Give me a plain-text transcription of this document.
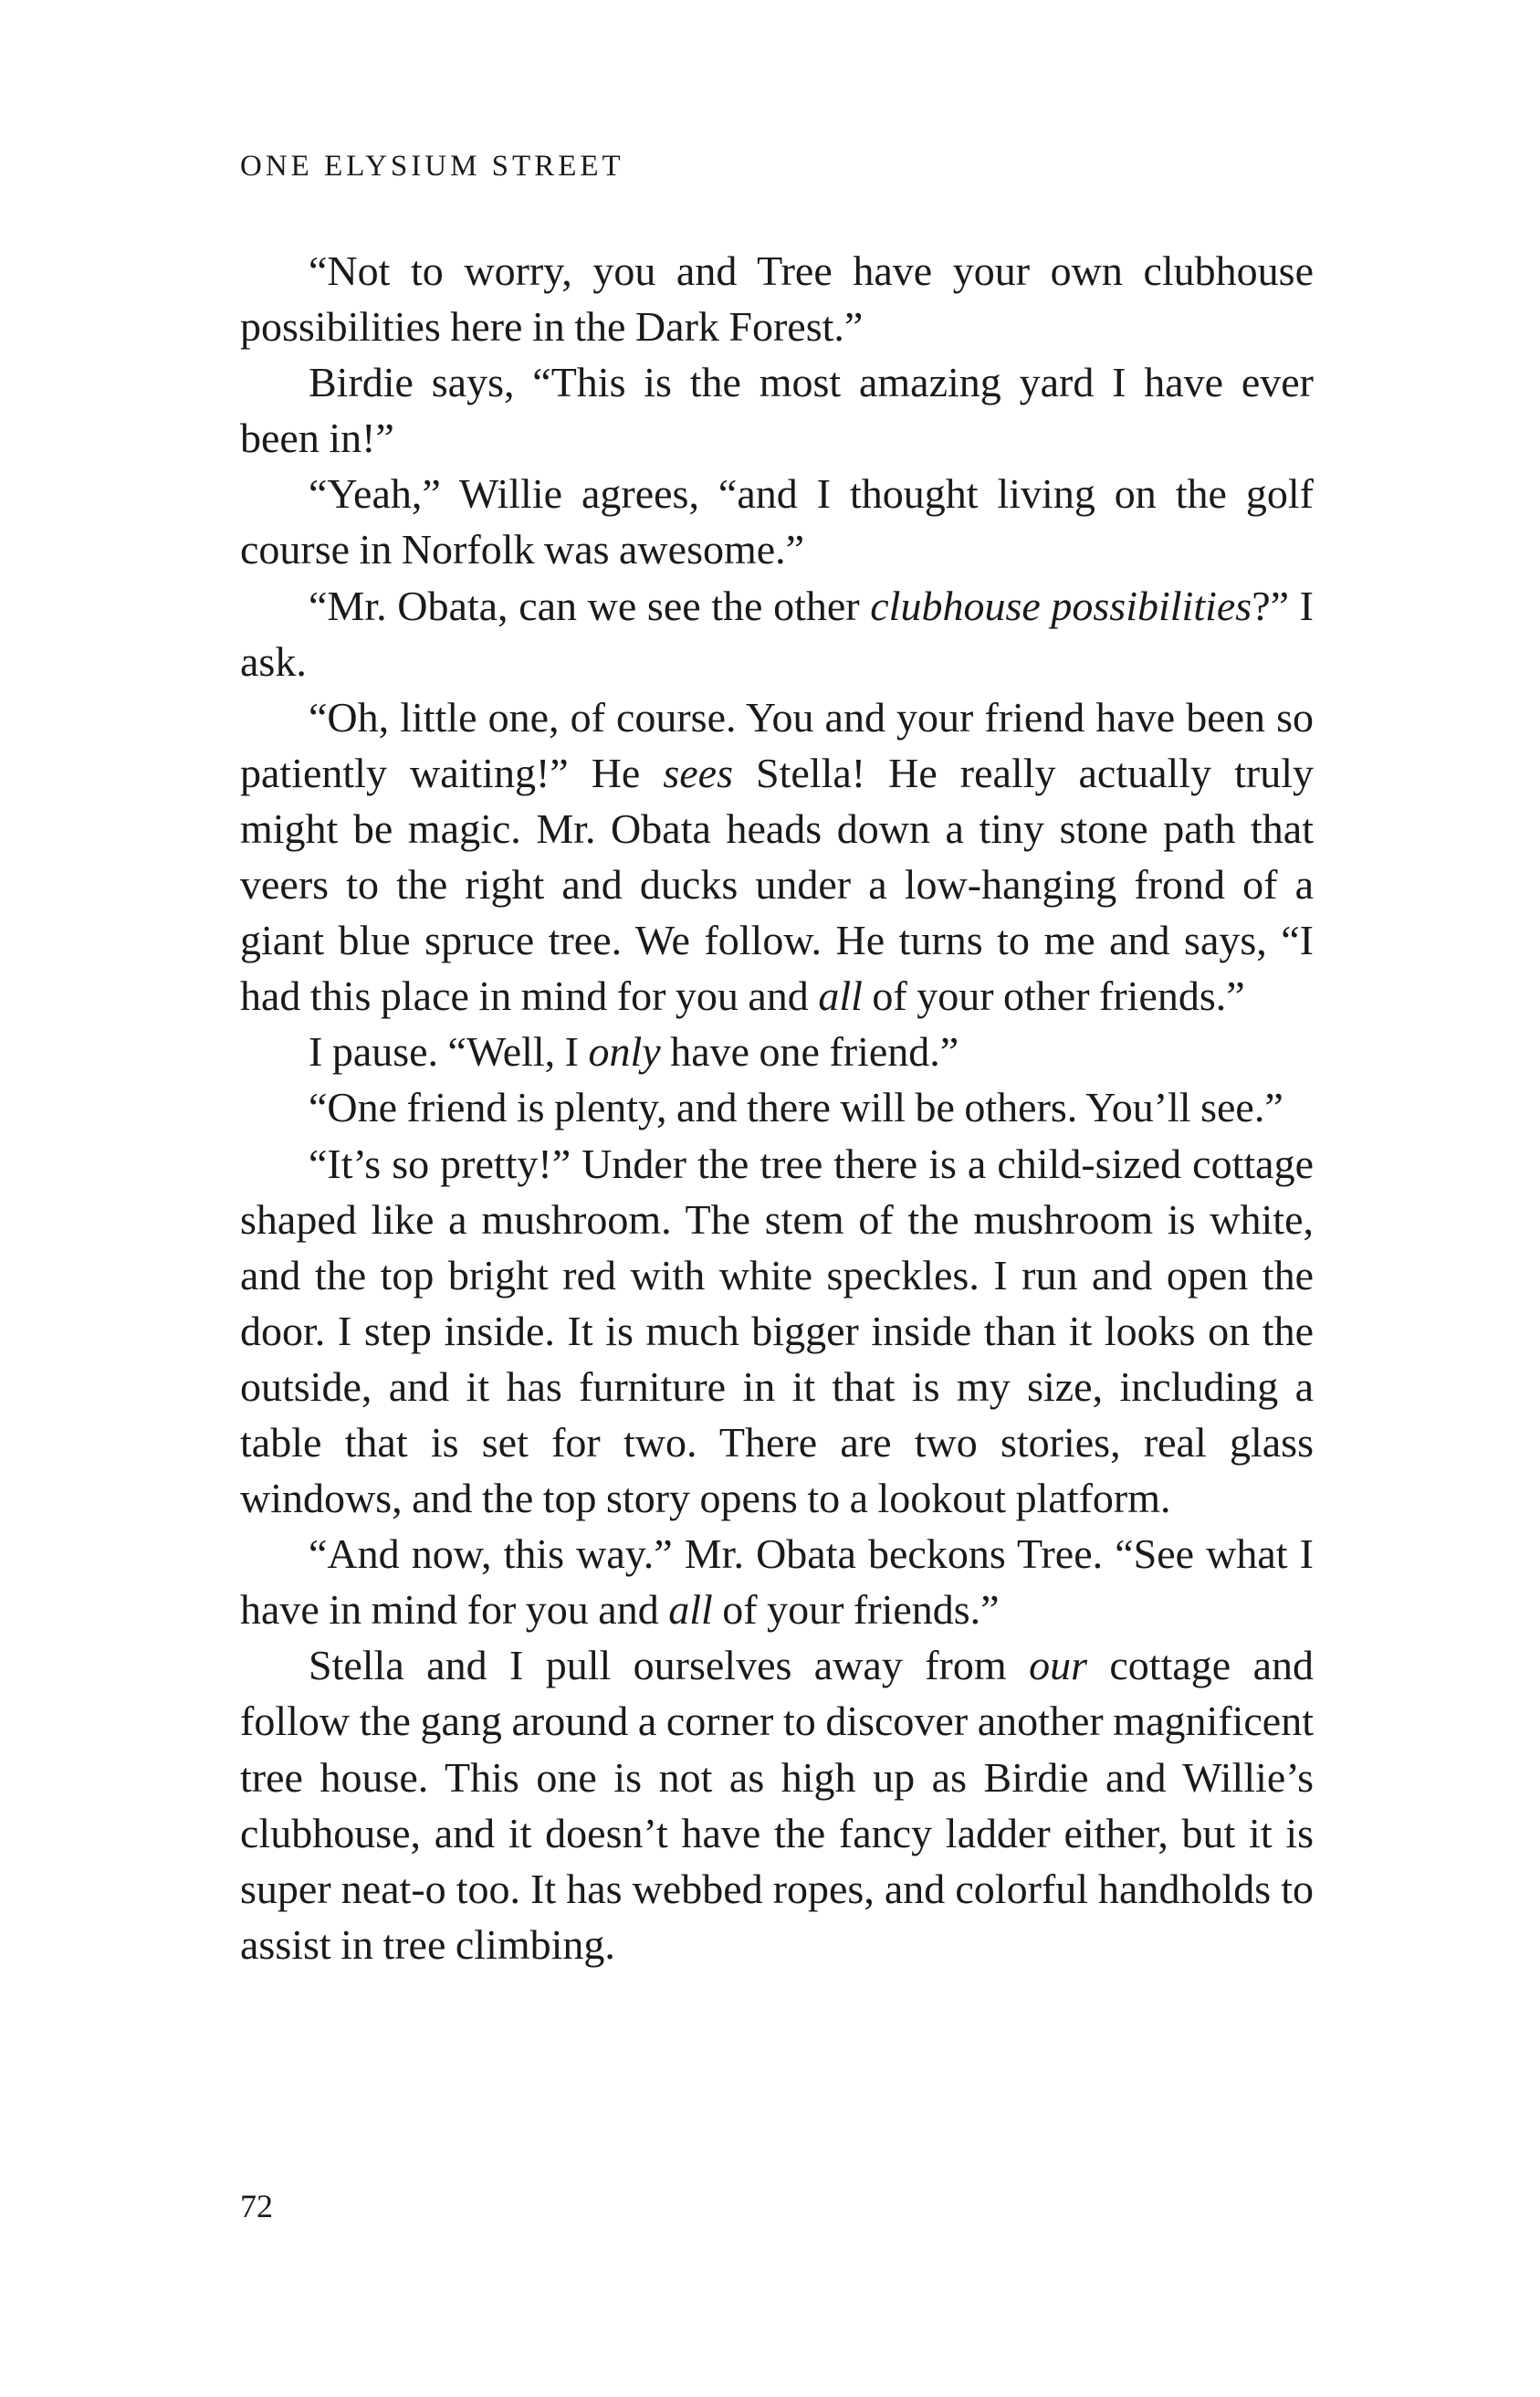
ONE ELYSIUM STREET

“Not to worry, you and Tree have your own clubhouse possibilities here in the Dark Forest.”

Birdie says, “This is the most amazing yard I have ever been in!”

“Yeah,” Willie agrees, “and I thought living on the golf course in Norfolk was awesome.”

“Mr. Obata, can we see the other clubhouse possibilities?” I ask.

“Oh, little one, of course. You and your friend have been so patiently waiting!” He sees Stella! He really actually truly might be magic. Mr. Obata heads down a tiny stone path that veers to the right and ducks under a low-hanging frond of a giant blue spruce tree. We follow. He turns to me and says, “I had this place in mind for you and all of your other friends.”

I pause. “Well, I only have one friend.”

“One friend is plenty, and there will be others. You’ll see.”

“It’s so pretty!” Under the tree there is a child-sized cottage shaped like a mushroom. The stem of the mushroom is white, and the top bright red with white speckles. I run and open the door. I step inside. It is much bigger inside than it looks on the outside, and it has furniture in it that is my size, including a table that is set for two. There are two stories, real glass windows, and the top story opens to a lookout platform.

“And now, this way.” Mr. Obata beckons Tree. “See what I have in mind for you and all of your friends.”

Stella and I pull ourselves away from our cottage and follow the gang around a corner to discover another magnificent tree house. This one is not as high up as Birdie and Willie’s clubhouse, and it doesn’t have the fancy ladder either, but it is super neat-o too. It has webbed ropes, and colorful handholds to assist in tree climbing.

72
